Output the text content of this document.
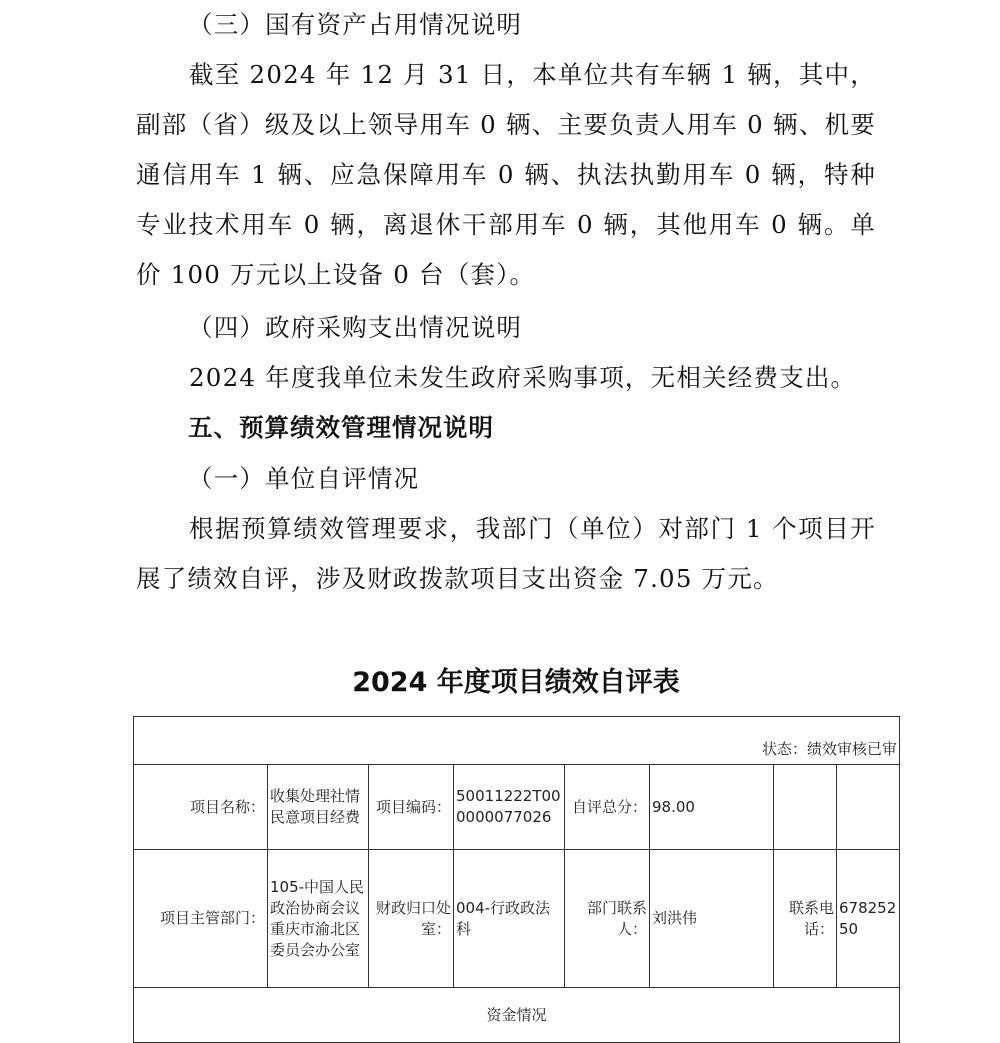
（三）国有资产占用情况说明
截至 2024 年 12 月 31 日，本单位共有车辆 1 辆，其中，副部（省）级及以上领导用车 0 辆、主要负责人用车 0 辆、机要通信用车 1 辆、应急保障用车 0 辆、执法执勤用车 0 辆，特种专业技术用车 0 辆，离退休干部用车 0 辆，其他用车 0 辆。单价 100 万元以上设备 0 台（套）。
（四）政府采购支出情况说明
2024 年度我单位未发生政府采购事项，无相关经费支出。
五、预算绩效管理情况说明
（一）单位自评情况
根据预算绩效管理要求，我部门（单位）对部门 1 个项目开展了绩效自评，涉及财政拨款项目支出资金 7.05 万元。
2024 年度项目绩效自评表
状态：绩效审核已审							
项目名称：	收集处理社情民意项目经费	项目编码：	50011222T000000077026	自评总分：	98.00		
项目主管部门：	105-中国人民政治协商会议重庆市渝北区委员会办公室	财政归口处室：	004-行政政法科	部门联系人：	刘洪伟	联系电话：	67825250
资金情况							
